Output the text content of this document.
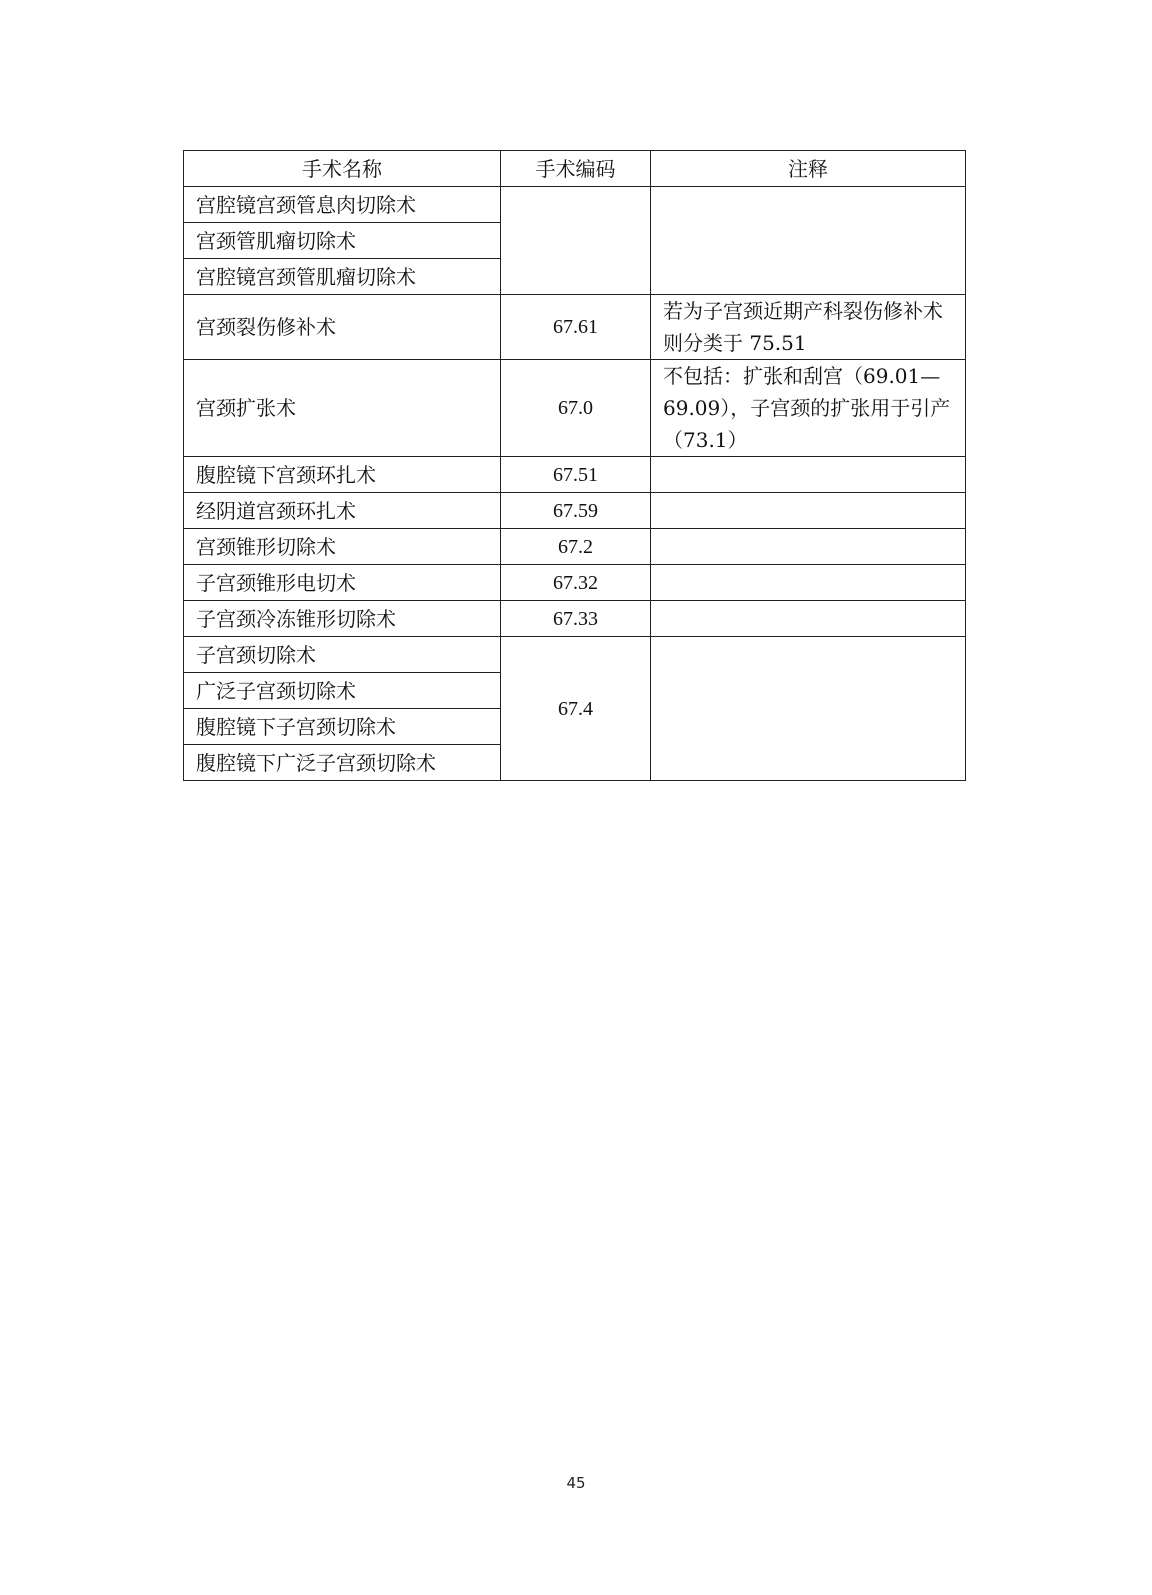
手术名称	手术编码	注释
宫腔镜宫颈管息肉切除术		
宫颈管肌瘤切除术		
宫腔镜宫颈管肌瘤切除术		
宫颈裂伤修补术	67.61	若为子宫颈近期产科裂伤修补术则分类于 75.51
宫颈扩张术	67.0	不包括：扩张和刮宫（69.01—69.09），子宫颈的扩张用于引产（73.1）
腹腔镜下宫颈环扎术	67.51	
经阴道宫颈环扎术	67.59	
宫颈锥形切除术	67.2	
子宫颈锥形电切术	67.32	
子宫颈冷冻锥形切除术	67.33	
子宫颈切除术	67.4	
广泛子宫颈切除术		
腹腔镜下子宫颈切除术		
腹腔镜下广泛子宫颈切除术		
45
